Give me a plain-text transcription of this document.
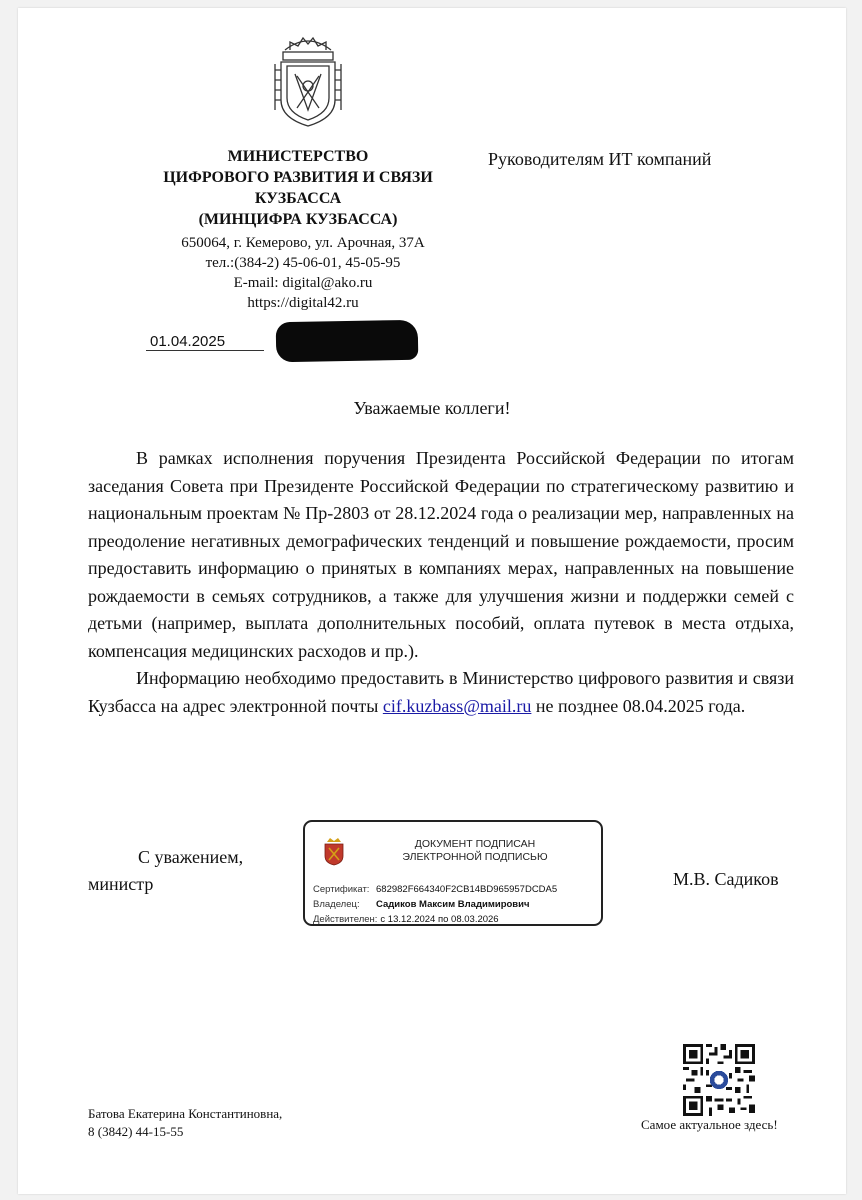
МИНИСТЕРСТВО
ЦИФРОВОГО РАЗВИТИЯ И СВЯЗИ
КУЗБАССА
(МИНЦИФРА КУЗБАССА)
650064, г. Кемерово, ул. Арочная, 37А
тел.:(384-2) 45-06-01, 45-05-95
E-mail: digital@ako.ru
https://digital42.ru
Руководителям ИТ компаний
01.04.2025
Уважаемые коллеги!

В рамках исполнения поручения Президента Российской Федерации по итогам заседания Совета при Президенте Российской Федерации по стратегическому развитию и национальным проектам № Пр-2803 от 28.12.2024 года о реализации мер, направленных на преодоление негативных демографических тенденций и повышение рождаемости, просим предоставить информацию о принятых в компаниях мерах, направленных на повышение рождаемости в семьях сотрудников, а также для улучшения жизни и поддержки семей с детьми (например, выплата дополнительных пособий, оплата путевок в места отдыха, компенсация медицинских расходов и пр.).

Информацию необходимо предоставить в Министерство цифрового развития и связи Кузбасса на адрес электронной почты cif.kuzbass@mail.ru не позднее 08.04.2025 года.

С уважением,
министр
ДОКУМЕНТ ПОДПИСАН
ЭЛЕКТРОННОЙ ПОДПИСЬЮ
Сертификат: 682982F664340F2CB14BD965957DCDA5
Владелец: Садиков Максим Владимирович
Действителен: с 13.12.2024 по 08.03.2026
М.В. Садиков
Самое актуальное здесь!
Батова Екатерина Константиновна,
8 (3842) 44-15-55
